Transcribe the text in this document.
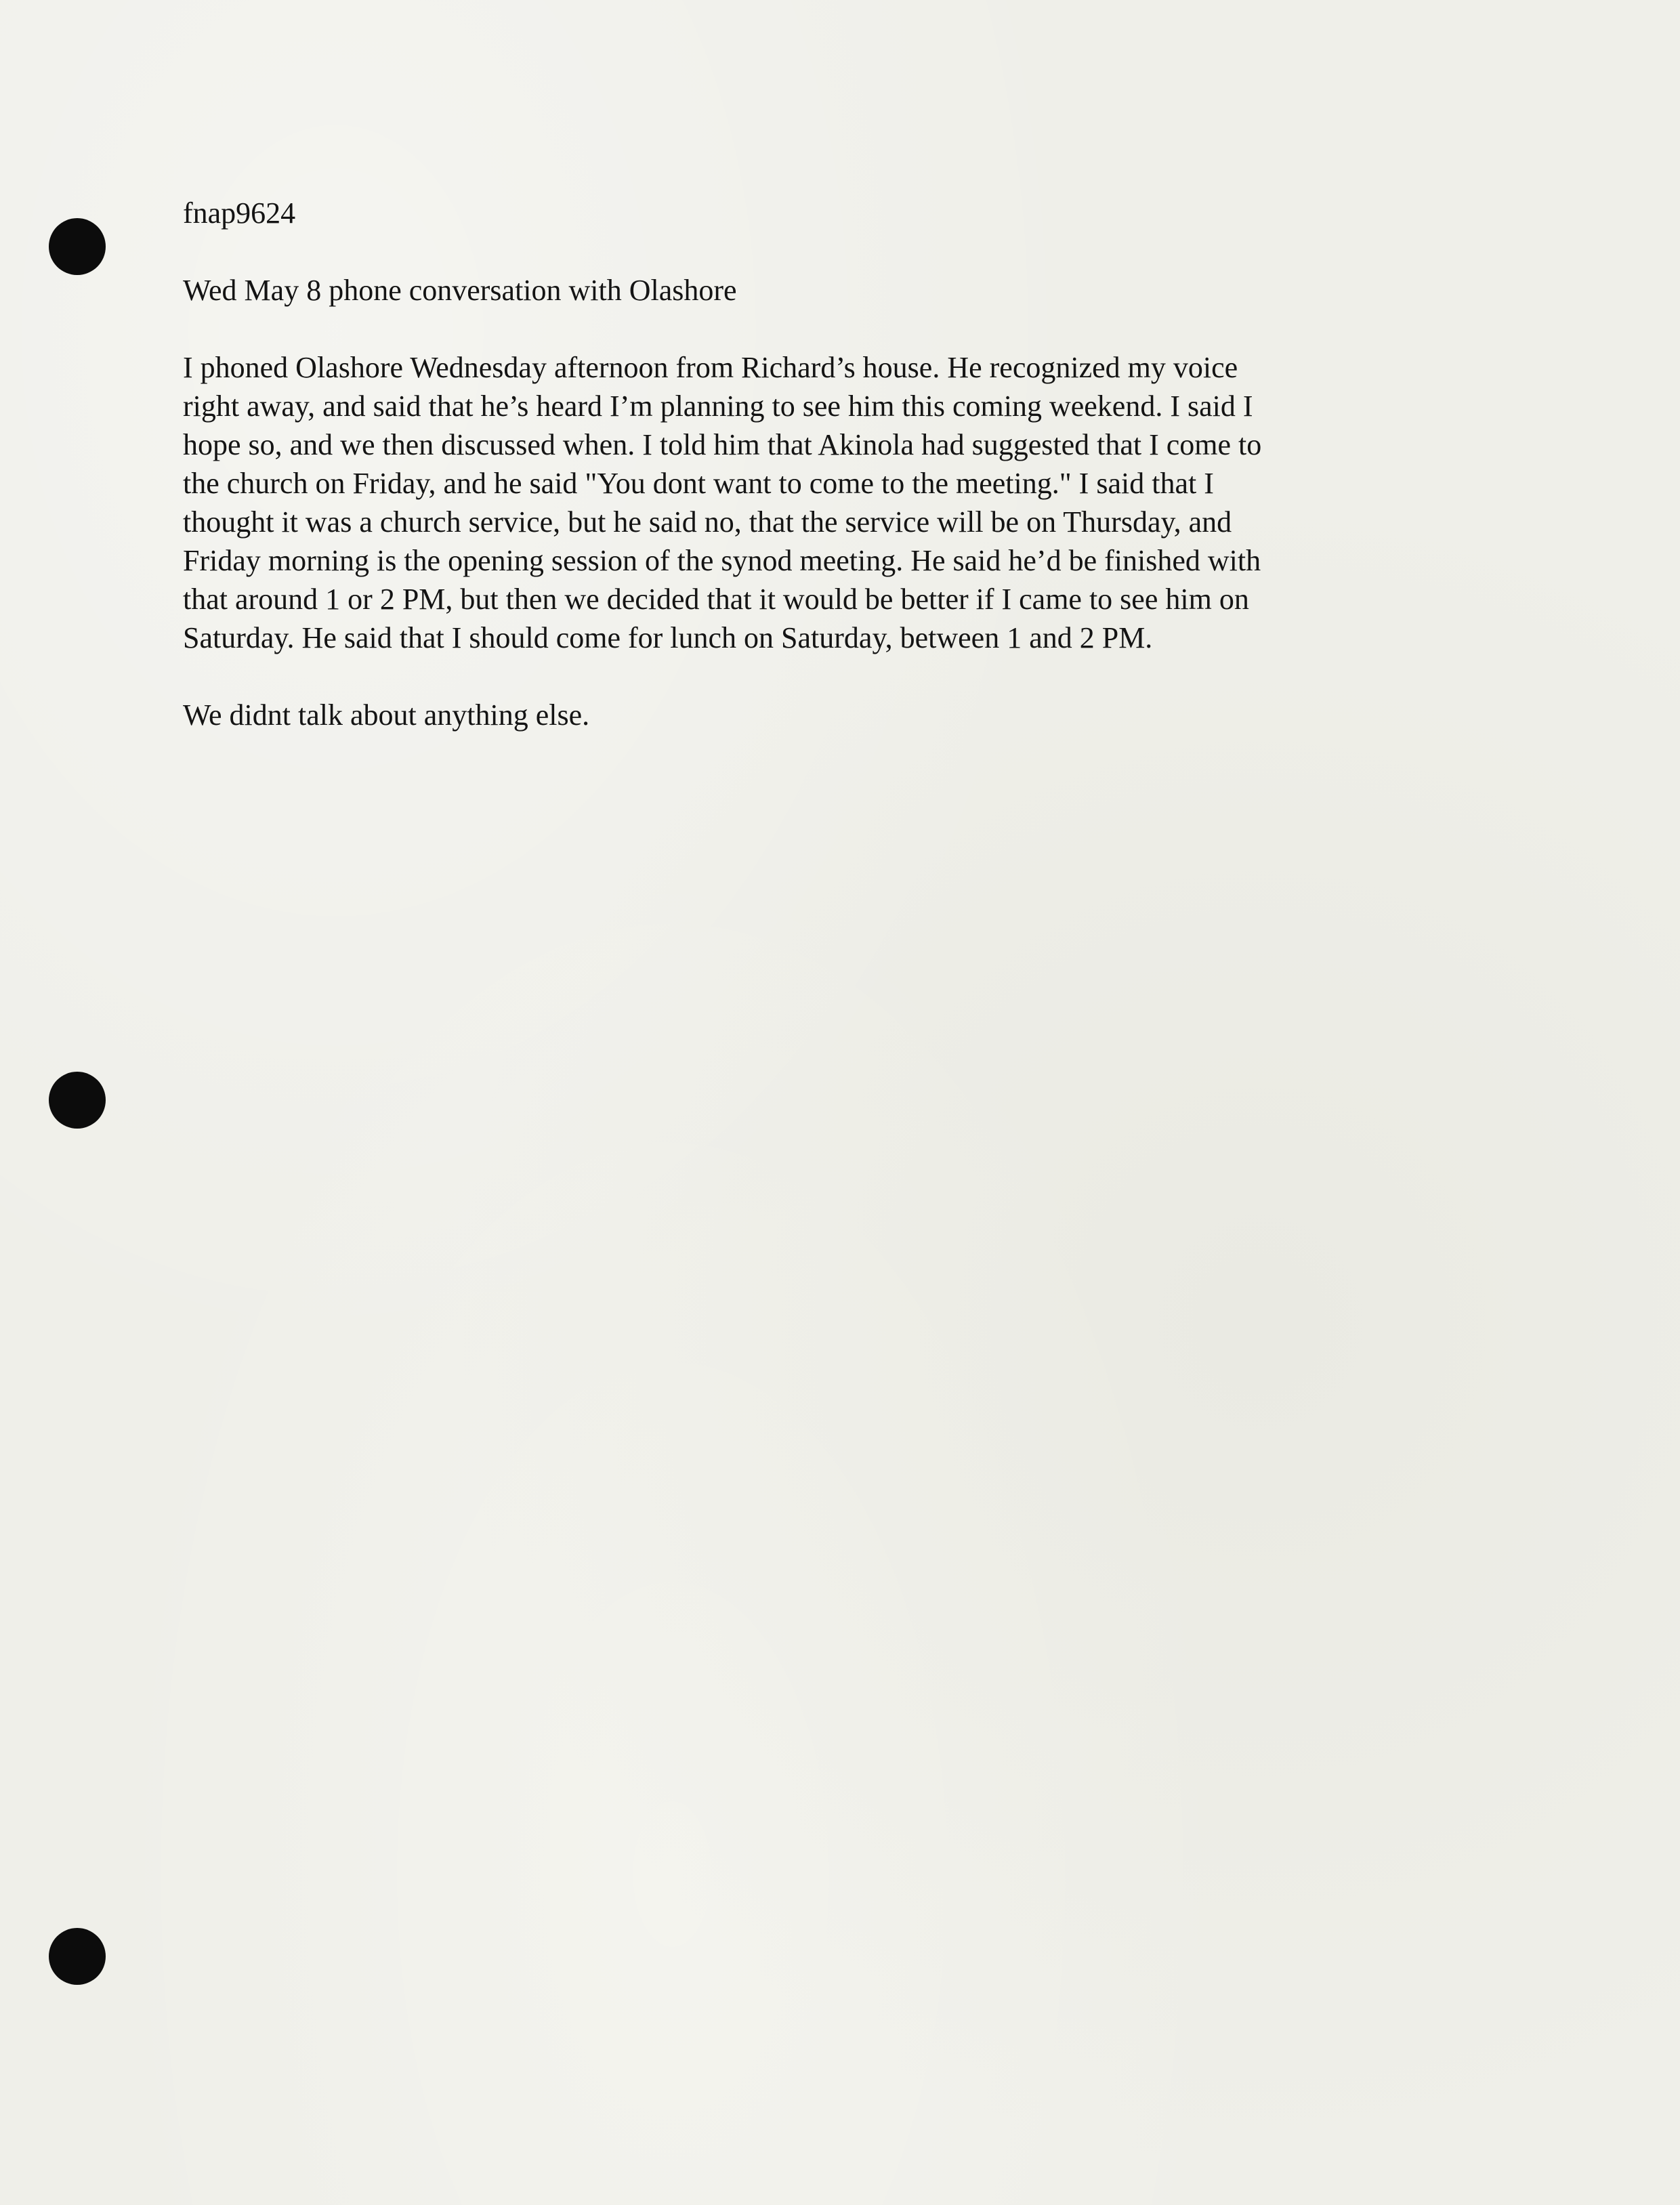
fnap9624

Wed May 8 phone conversation with Olashore

I phoned Olashore Wednesday afternoon from Richard’s house. He recognized my voice

right away, and said that he’s heard I’m planning to see him this coming weekend. I said I

hope so, and we then discussed when. I told him that Akinola had suggested that I come to

the church on Friday, and he said "You dont want to come to the meeting." I said that I

thought it was a church service, but he said no, that the service will be on Thursday, and

Friday morning is the opening session of the synod meeting. He said he’d be finished with

that around 1 or 2 PM, but then we decided that it would be better if I came to see him on

Saturday. He said that I should come for lunch on Saturday, between 1 and 2 PM.

We didnt talk about anything else.
